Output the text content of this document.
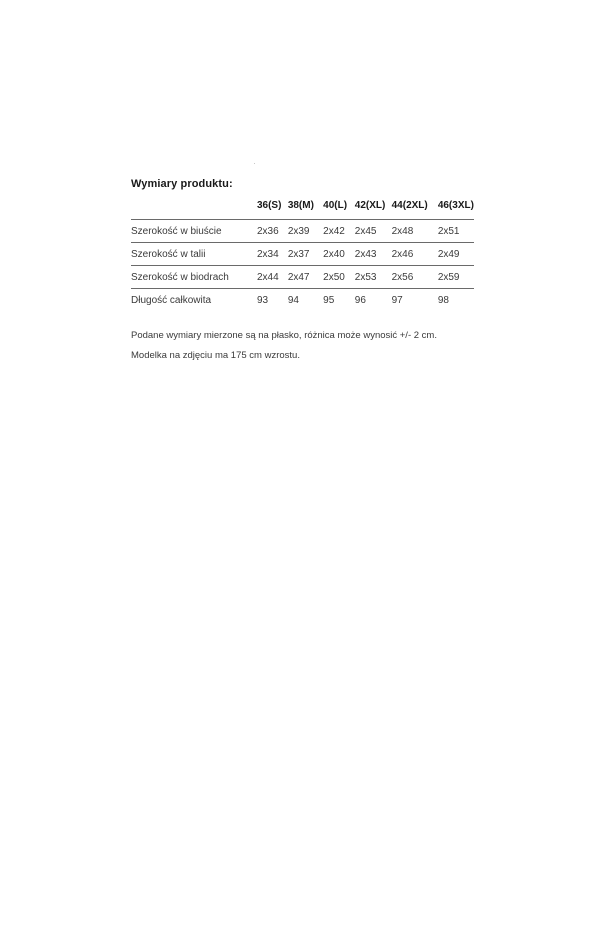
Wymiary produktu:
	36(S)	38(M)	40(L)	42(XL)	44(2XL)	46(3XL)
Szerokość w biuście	2x36	2x39	2x42	2x45	2x48	2x51
Szerokość w talii	2x34	2x37	2x40	2x43	2x46	2x49
Szerokość w biodrach	2x44	2x47	2x50	2x53	2x56	2x59
Długość całkowita	93	94	95	96	97	98

Podane wymiary mierzone są na płasko, różnica może wynosić +/- 2 cm.

Modelka na zdjęciu ma 175 cm wzrostu.
